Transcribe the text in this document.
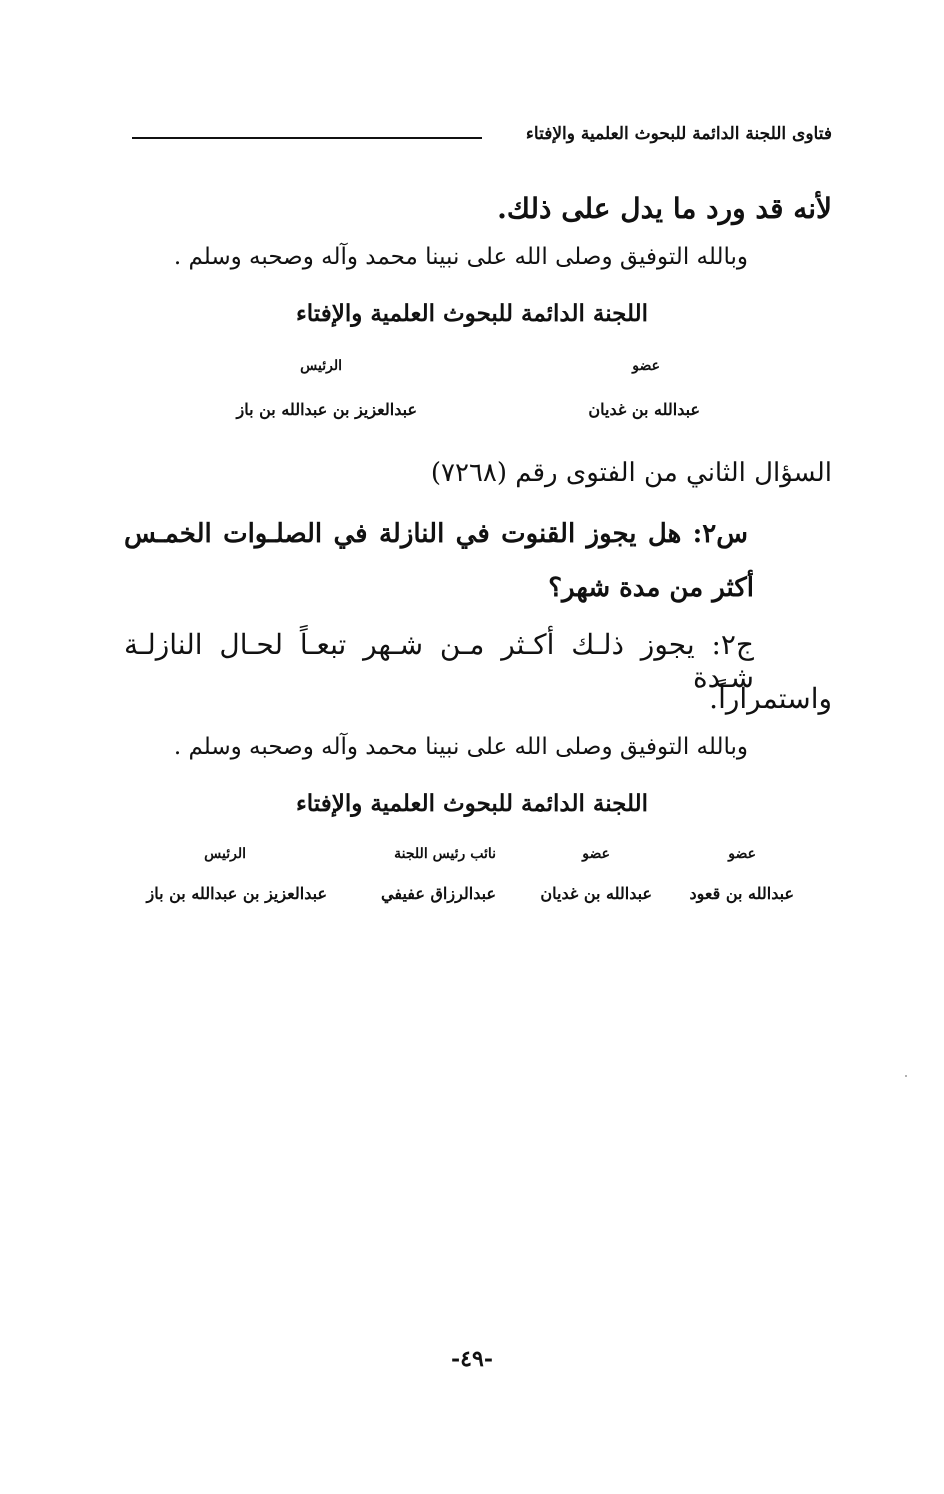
فتاوى اللجنة الدائمة للبحوث العلمية والإفتاء
لأنه قد ورد ما يدل على ذلك.
وبالله التوفيق وصلى الله على نبينا محمد وآله وصحبه وسلم .
اللجنة الدائمة للبحوث العلمية والإفتاء
عضو
عبدالله بن غديان
الرئيس
عبدالعزيز بن عبدالله بن باز
السؤال الثاني من الفتوى رقم (٧٢٦٨)
س٢: هل يجوز القنوت في النازلة في الصلـوات الخمـس
أكثر من مدة شهر؟
ج٢: يجوز ذلـك أكـثر مـن شـهر تبعـاً لحـال النازلـة شـدة
واستمراراً.
وبالله التوفيق وصلى الله على نبينا محمد وآله وصحبه وسلم .
اللجنة الدائمة للبحوث العلمية والإفتاء
عضو
عبدالله بن قعود
عضو
عبدالله بن غديان
نائب رئيس اللجنة
عبدالرزاق عفيفي
الرئيس
عبدالعزيز بن عبدالله بن باز
-٤٩-
